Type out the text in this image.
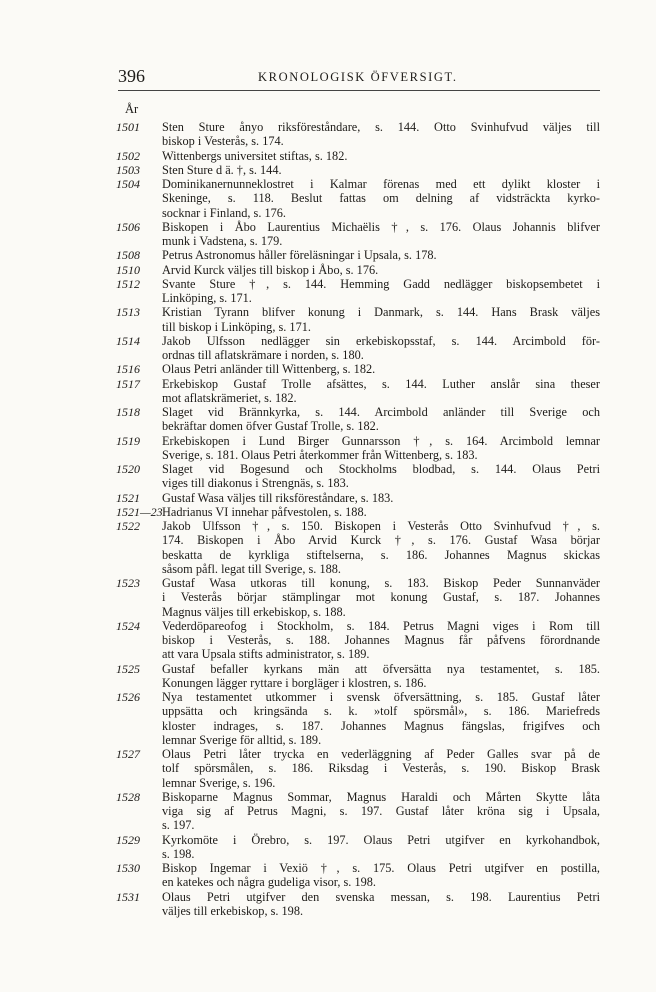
396	KRONOLOGISK ÖFVERSIGT.
År
1501	Sten Sture ånyo riksföreståndare, s. 144. Otto Svinhufvud väljes till
biskop i Vesterås, s. 174.
1502	Wittenbergs universitet stiftas, s. 182.
1503	Sten Sture d ä. †, s. 144.
1504	Dominikanernunneklostret i Kalmar förenas med ett dylikt kloster i
Skeninge, s. 118. Beslut fattas om delning af vidsträckta kyrko-
socknar i Finland, s. 176.
1506	Biskopen i Åbo Laurentius Michaëlis †, s. 176. Olaus Johannis blifver
munk i Vadstena, s. 179.
1508	Petrus Astronomus håller föreläsningar i Upsala, s. 178.
1510	Arvid Kurck väljes till biskop i Åbo, s. 176.
1512	Svante Sture †, s. 144. Hemming Gadd nedlägger biskopsembetet i
Linköping, s. 171.
1513	Kristian Tyrann blifver konung i Danmark, s. 144. Hans Brask väljes
till biskop i Linköping, s. 171.
1514	Jakob Ulfsson nedlägger sin erkebiskopsstaf, s. 144. Arcimbold för-
ordnas till aflatskrämare i norden, s. 180.
1516	Olaus Petri anländer till Wittenberg, s. 182.
1517	Erkebiskop Gustaf Trolle afsättes, s. 144. Luther anslår sina theser
mot aflatskrämeriet, s. 182.
1518	Slaget vid Brännkyrka, s. 144. Arcimbold anländer till Sverige och
bekräftar domen öfver Gustaf Trolle, s. 182.
1519	Erkebiskopen i Lund Birger Gunnarsson †, s. 164. Arcimbold lemnar
Sverige, s. 181. Olaus Petri återkommer från Wittenberg, s. 183.
1520	Slaget vid Bogesund och Stockholms blodbad, s. 144. Olaus Petri
viges till diakonus i Strengnäs, s. 183.
1521	Gustaf Wasa väljes till riksföreståndare, s. 183.
1521—23 Hadrianus VI innehar påfvestolen, s. 188.
1522	Jakob Ulfsson †, s. 150. Biskopen i Vesterås Otto Svinhufvud †, s.
174. Biskopen i Åbo Arvid Kurck †, s. 176. Gustaf Wasa börjar
beskatta de kyrkliga stiftelserna, s. 186. Johannes Magnus skickas
såsom påfl. legat till Sverige, s. 188.
1523	Gustaf Wasa utkoras till konung, s. 183. Biskop Peder Sunnanväder
i Vesterås börjar stämplingar mot konung Gustaf, s. 187. Johannes
Magnus väljes till erkebiskop, s. 188.
1524	Vederdöpareofog i Stockholm, s. 184. Petrus Magni viges i Rom till
biskop i Vesterås, s. 188. Johannes Magnus får påfvens förordnande
att vara Upsala stifts administrator, s. 189.
1525	Gustaf befaller kyrkans män att öfversätta nya testamentet, s. 185.
Konungen lägger ryttare i borgläger i klostren, s. 186.
1526	Nya testamentet utkommer i svensk öfversättning, s. 185. Gustaf låter
uppsätta och kringsända s. k. »tolf spörsmål», s. 186. Mariefreds
kloster indrages, s. 187. Johannes Magnus fängslas, frigifves och
lemnar Sverige för alltid, s. 189.
1527	Olaus Petri låter trycka en vederläggning af Peder Galles svar på de
tolf spörsmålen, s. 186. Riksdag i Vesterås, s. 190. Biskop Brask
lemnar Sverige, s. 196.
1528	Biskoparne Magnus Sommar, Magnus Haraldi och Mårten Skytte låta
viga sig af Petrus Magni, s. 197. Gustaf låter kröna sig i Upsala,
s. 197.
1529	Kyrkomöte i Örebro, s. 197. Olaus Petri utgifver en kyrkohandbok,
s. 198.
1530	Biskop Ingemar i Vexiö †, s. 175. Olaus Petri utgifver en postilla,
en katekes och några gudeliga visor, s. 198.
1531	Olaus Petri utgifver den svenska messan, s. 198. Laurentius Petri
väljes till erkebiskop, s. 198.
